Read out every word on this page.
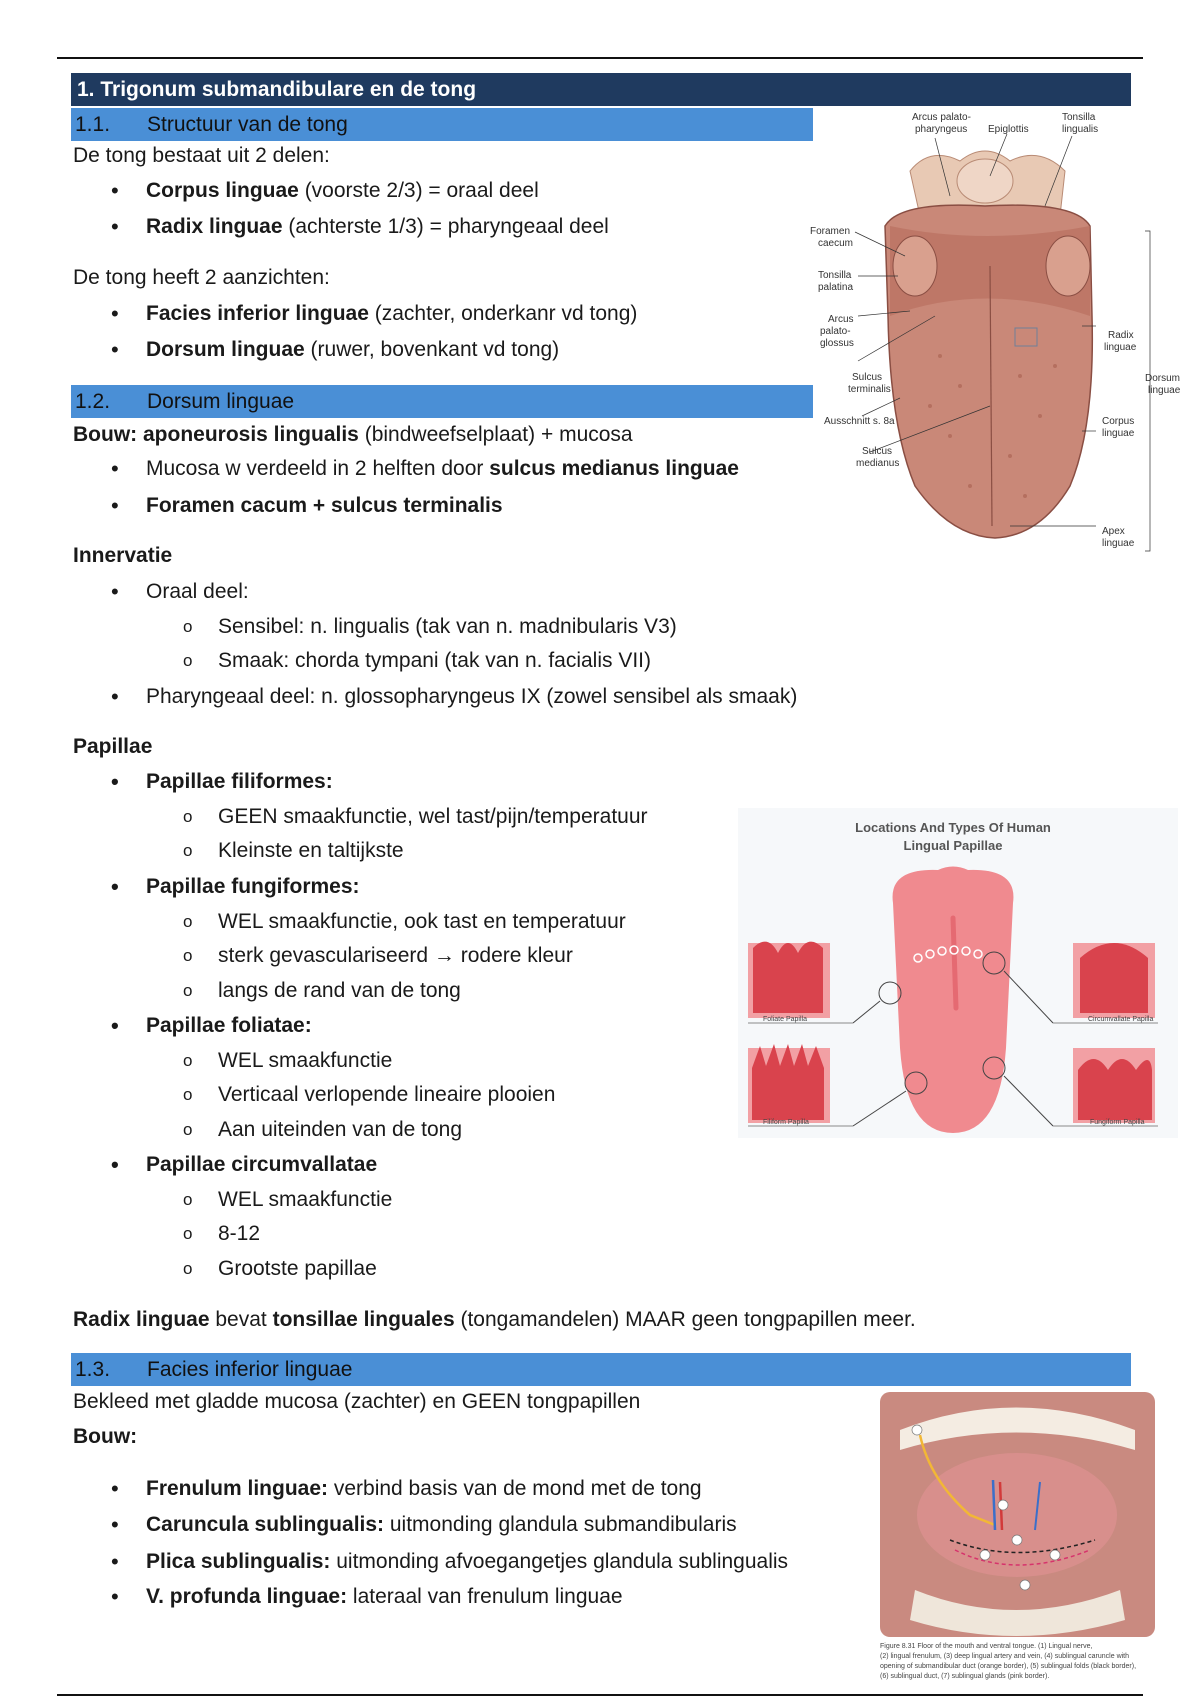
1. Trigonum submandibulare en de tong
1.1. Structuur van de tong
De tong bestaat uit 2 delen:
• Corpus linguae (voorste 2/3) = oraal deel
• Radix linguae (achterste 1/3) = pharyngeaal deel
De tong heeft 2 aanzichten:
• Facies inferior linguae (zachter, onderkanr vd tong)
• Dorsum linguae (ruwer, bovenkant vd tong)
1.2. Dorsum linguae
Bouw: aponeurosis lingualis (bindweefselplaat) + mucosa
• Mucosa w verdeeld in 2 helften door sulcus medianus linguae
• Foramen cacum + sulcus terminalis
Innervatie
• Oraal deel:
o Sensibel: n. lingualis (tak van n. madnibularis V3)
o Smaak: chorda tympani (tak van n. facialis VII)
• Pharyngeaal deel: n. glossopharyngeus IX (zowel sensibel als smaak)
Papillae
• Papillae filiformes:
o GEEN smaakfunctie, wel tast/pijn/temperatuur
o Kleinste en taltijkste
• Papillae fungiformes:
o WEL smaakfunctie, ook tast en temperatuur
o sterk gevasculariseerd → rodere kleur
o langs de rand van de tong
• Papillae foliatae:
o WEL smaakfunctie
o Verticaal verlopende lineaire plooien
o Aan uiteinden van de tong
• Papillae circumvallatae
o WEL smaakfunctie
o 8-12
o Grootste papillae
Radix linguae bevat tonsillae linguales (tongamandelen) MAAR geen tongpapillen meer.
1.3. Facies inferior linguae
Bekleed met gladde mucosa (zachter) en GEEN tongpapillen
Bouw:
• Frenulum linguae: verbind basis van de mond met de tong
• Caruncula sublingualis: uitmonding glandula submandibularis
• Plica sublingualis: uitmonding afvoegangetjes glandula sublingualis
• V. profunda linguae: lateraal van frenulum linguae
Arcus palato-
pharyngeus Epiglottis
Tonsilla
lingualis
Foramen
caecum
Tonsilla
palatina
Arcus
palato-
glossus
Sulcus
terminalis
Ausschnitt s. 8a
Sulcus
medianus
Radix
linguae
Dorsum
linguae
Corpus
linguae
Apex
linguae
Locations And Types Of Human
Lingual Papillae
Foliate Papilla
Filiform Papilla
Circumvallate Papilla
Fungiform Papilla
Figure 8.31 Floor of the mouth and ventral tongue. (1) Lingual nerve,
(2) lingual frenulum, (3) deep lingual artery and vein, (4) sublingual caruncle with
opening of submandibular duct (orange border), (5) sublingual folds (black border),
(6) sublingual duct, (7) sublingual glands (pink border).
